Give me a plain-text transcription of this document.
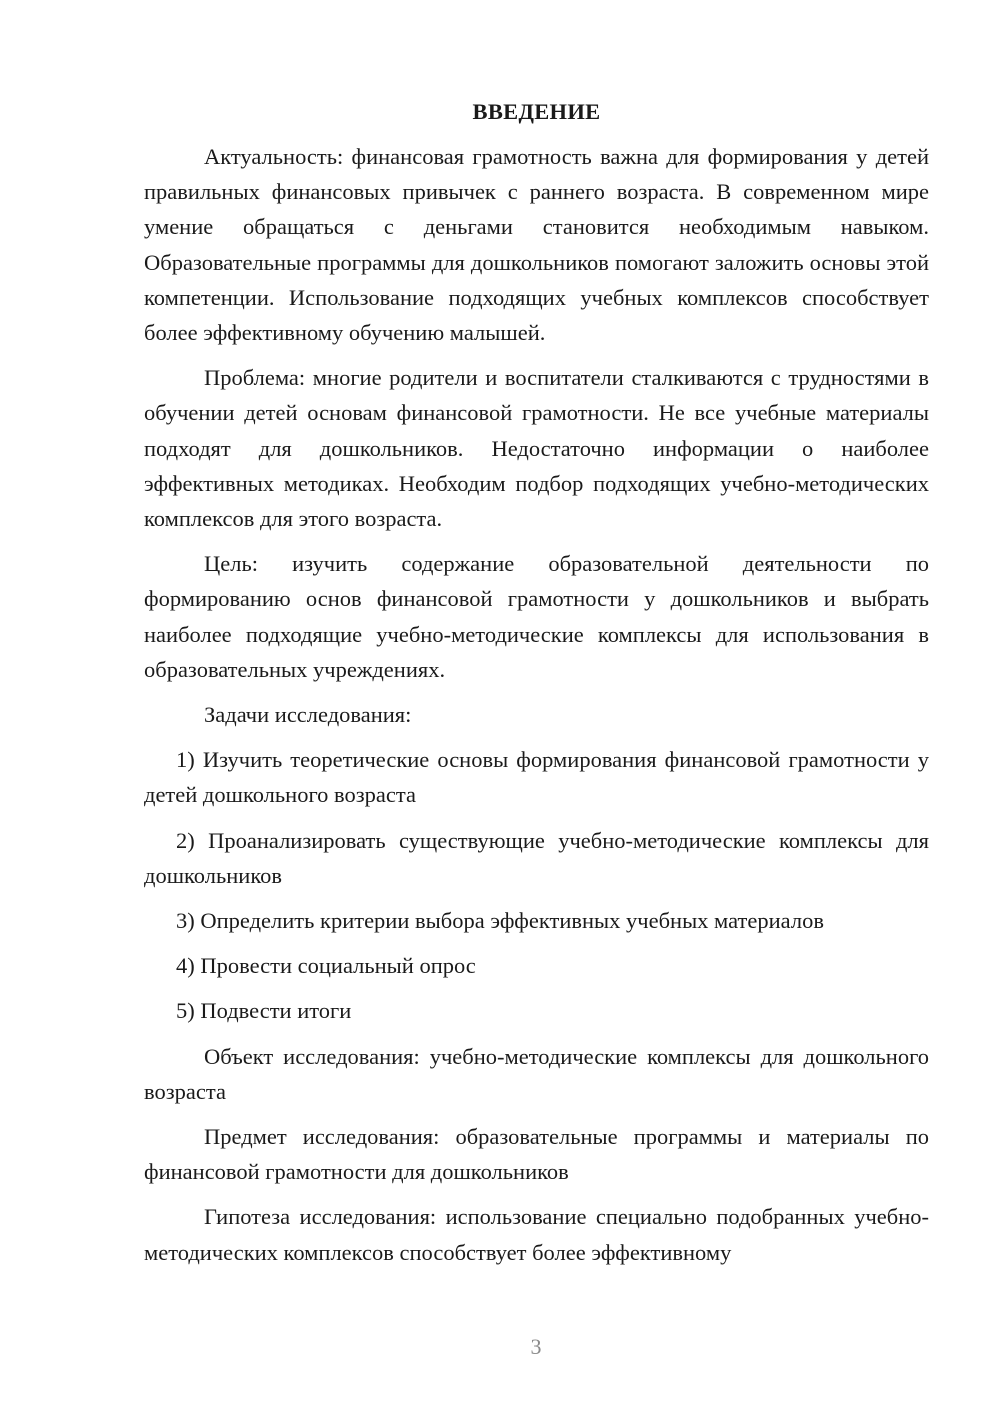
ВВЕДЕНИЕ

Актуальность: финансовая грамотность важна для формирования у детей правильных финансовых привычек с раннего возраста. В современном мире умение обращаться с деньгами становится необходимым навыком. Образовательные программы для дошкольников помогают заложить основы этой компетенции. Использование подходящих учебных комплексов способствует более эффективному обучению малышей.

Проблема: многие родители и воспитатели сталкиваются с трудностями в обучении детей основам финансовой грамотности. Не все учебные материалы подходят для дошкольников. Недостаточно информации о наиболее эффективных методиках. Необходим подбор подходящих учебно-методических комплексов для этого возраста.

Цель: изучить содержание образовательной деятельности по формированию основ финансовой грамотности у дошкольников и выбрать наиболее подходящие учебно-методические комплексы для использования в образовательных учреждениях.

Задачи исследования:

1) Изучить теоретические основы формирования финансовой грамотности у детей дошкольного возраста

2) Проанализировать существующие учебно-методические комплексы для дошкольников

3) Определить критерии выбора эффективных учебных материалов

4) Провести социальный опрос

5) Подвести итоги

Объект исследования: учебно-методические комплексы для дошкольного возраста

Предмет исследования: образовательные программы и материалы по финансовой грамотности для дошкольников

Гипотеза исследования: использование специально подобранных учебно-методических комплексов способствует более эффективному

3
